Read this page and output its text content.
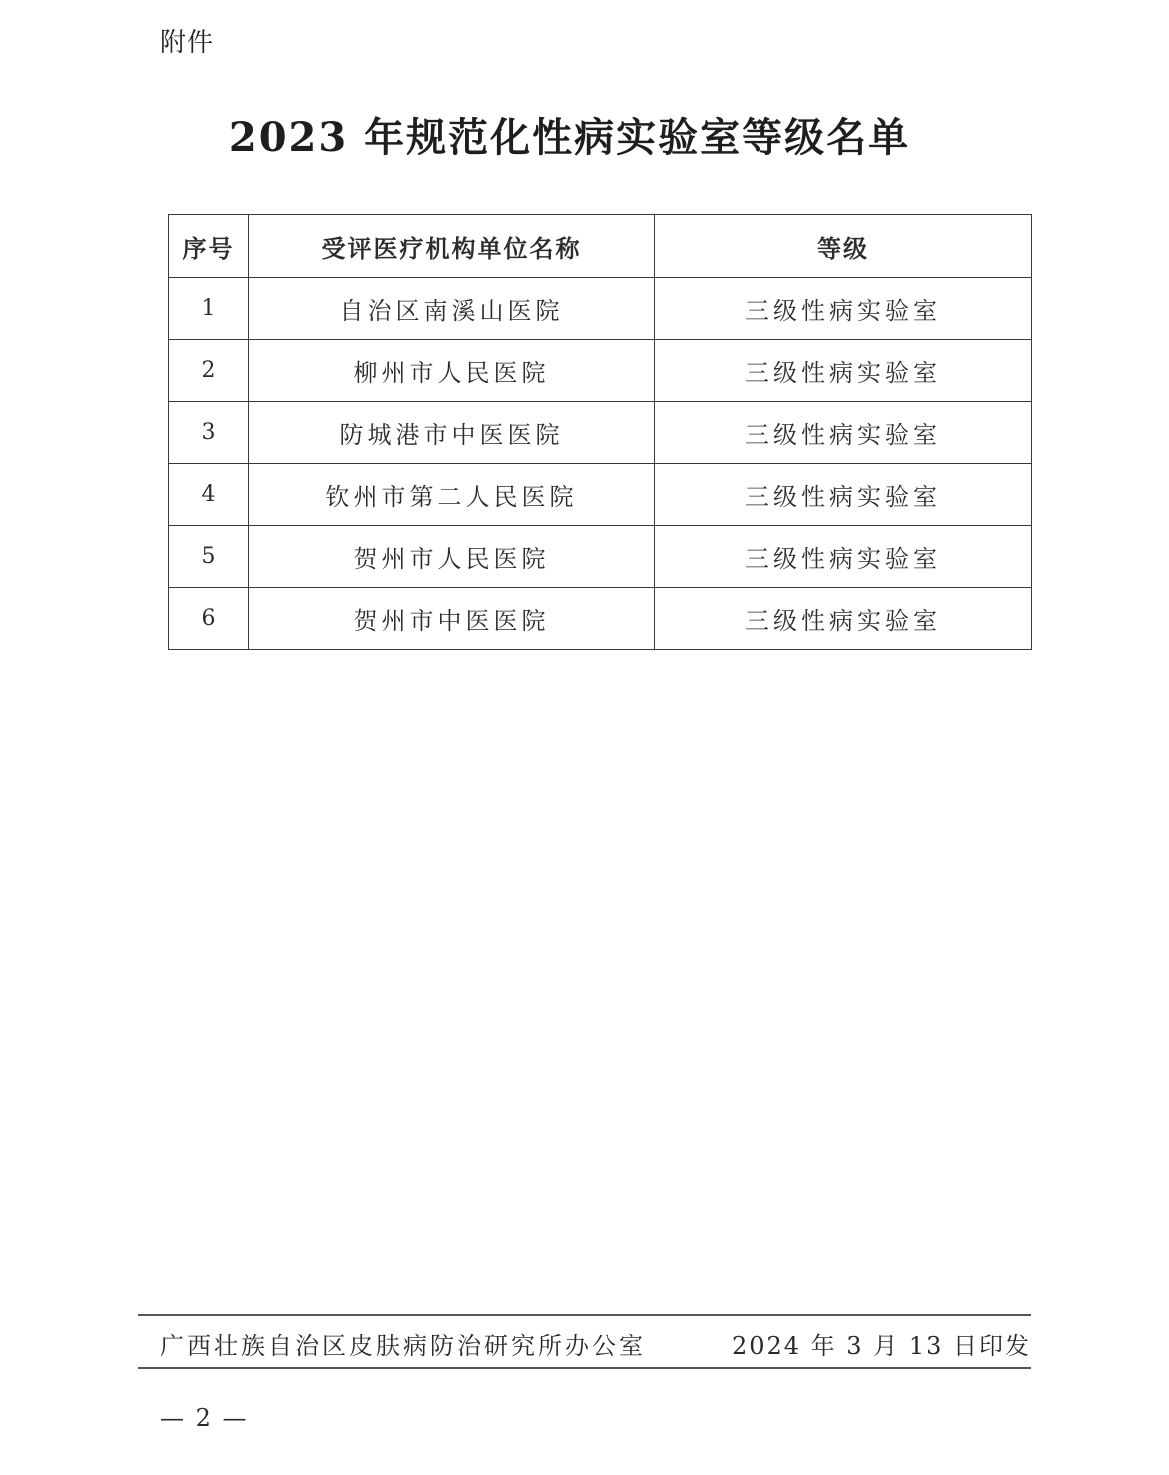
附件
2023 年规范化性病实验室等级名单
序号	受评医疗机构单位名称	等级
1	自治区南溪山医院	三级性病实验室
2	柳州市人民医院	三级性病实验室
3	防城港市中医医院	三级性病实验室
4	钦州市第二人民医院	三级性病实验室
5	贺州市人民医院	三级性病实验室
6	贺州市中医医院	三级性病实验室
广西壮族自治区皮肤病防治研究所办公室	2024 年 3 月 13 日印发
— 2 —
